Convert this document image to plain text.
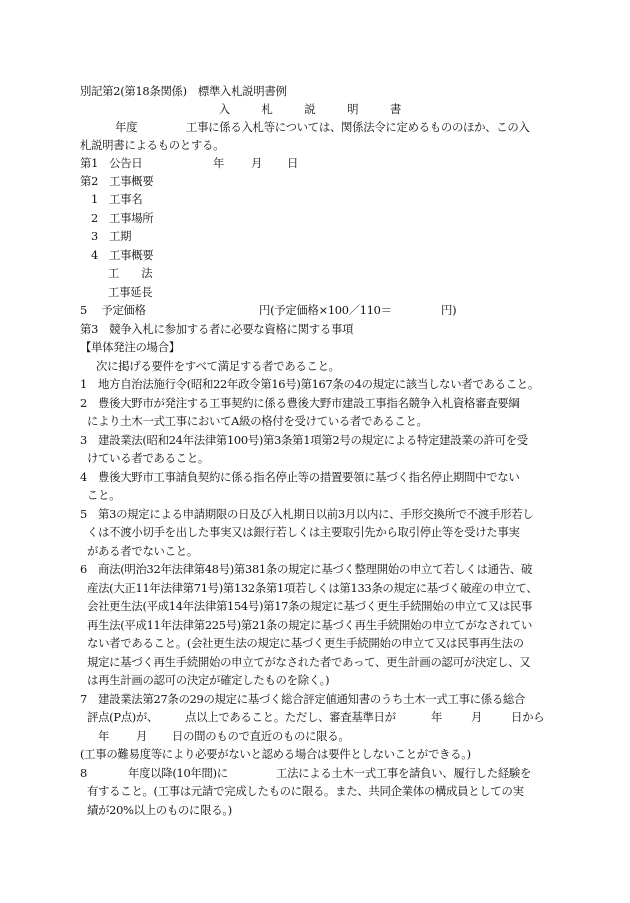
別記第2(第18条関係)　標準入札説明書例
入　札　説　明　書
年度	工事に係る入札等については、関係法令に定めるもののほか、この入
札説明書によるものとする。
第1　公告日	年 月 日
第2　工事概要
1　工事名
2　工事場所
3　工期
4　工事概要
工　　法
工事延長
5　 予定価格	円(予定価格×100／110＝	円)
第3　競争入札に参加する者に必要な資格に関する事項
【単体発注の場合】
次に掲げる要件をすべて満足する者であること。
1　地方自治法施行令(昭和22年政令第16号)第167条の4の規定に該当しない者であること。
2　豊後大野市が発注する工事契約に係る豊後大野市建設工事指名競争入札資格審査要綱
により土木一式工事においてA級の格付を受けている者であること。
3　建設業法(昭和24年法律第100号)第3条第1項第2号の規定による特定建設業の許可を受
けている者であること。
4　豊後大野市工事請負契約に係る指名停止等の措置要領に基づく指名停止期間中でない
こと。
5　第3の規定による申請期限の日及び入札期日以前3月以内に、手形交換所で不渡手形若し
くは不渡小切手を出した事実又は銀行若しくは主要取引先から取引停止等を受けた事実
がある者でないこと。
6　商法(明治32年法律第48号)第381条の規定に基づく整理開始の申立て若しくは通告、破
産法(大正11年法律第71号)第132条第1項若しくは第133条の規定に基づく破産の申立て、
会社更生法(平成14年法律第154号)第17条の規定に基づく更生手続開始の申立て又は民事
再生法(平成11年法律第225号)第21条の規定に基づく再生手続開始の申立てがなされてい
ない者であること。(会社更生法の規定に基づく更生手続開始の申立て又は民事再生法の
規定に基づく再生手続開始の申立てがなされた者であって、更生計画の認可が決定し、又
は再生計画の認可の決定が確定したものを除く。)
7　建設業法第27条の29の規定に基づく総合評定値通知書のうち土木一式工事に係る総合
評点(P点)が、 点以上であること。ただし、審査基準日が	年	月	日から
年 月 日の間のもので直近のものに限る。
(工事の難易度等により必要がないと認める場合は要件としないことができる。)
8	年度以降(10年間)に	工法による土木一式工事を請負い、履行した経験を
有すること。(工事は元請で完成したものに限る。また、共同企業体の構成員としての実
績が20%以上のものに限る。)
